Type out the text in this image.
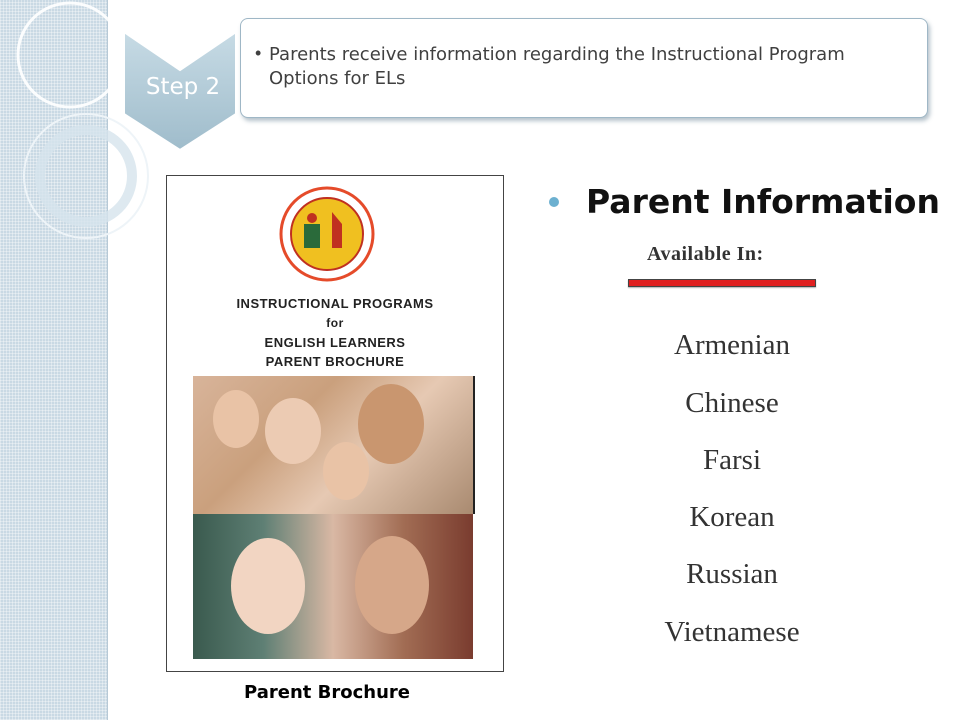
Step 2
• Parents receive information regarding the Instructional Program Options for ELs
INSTRUCTIONAL PROGRAMS
for
ENGLISH LEARNERS
PARENT BROCHURE
Parent Brochure
Parent Information
Available In:
Armenian
Chinese
Farsi
Korean
Russian
Vietnamese
